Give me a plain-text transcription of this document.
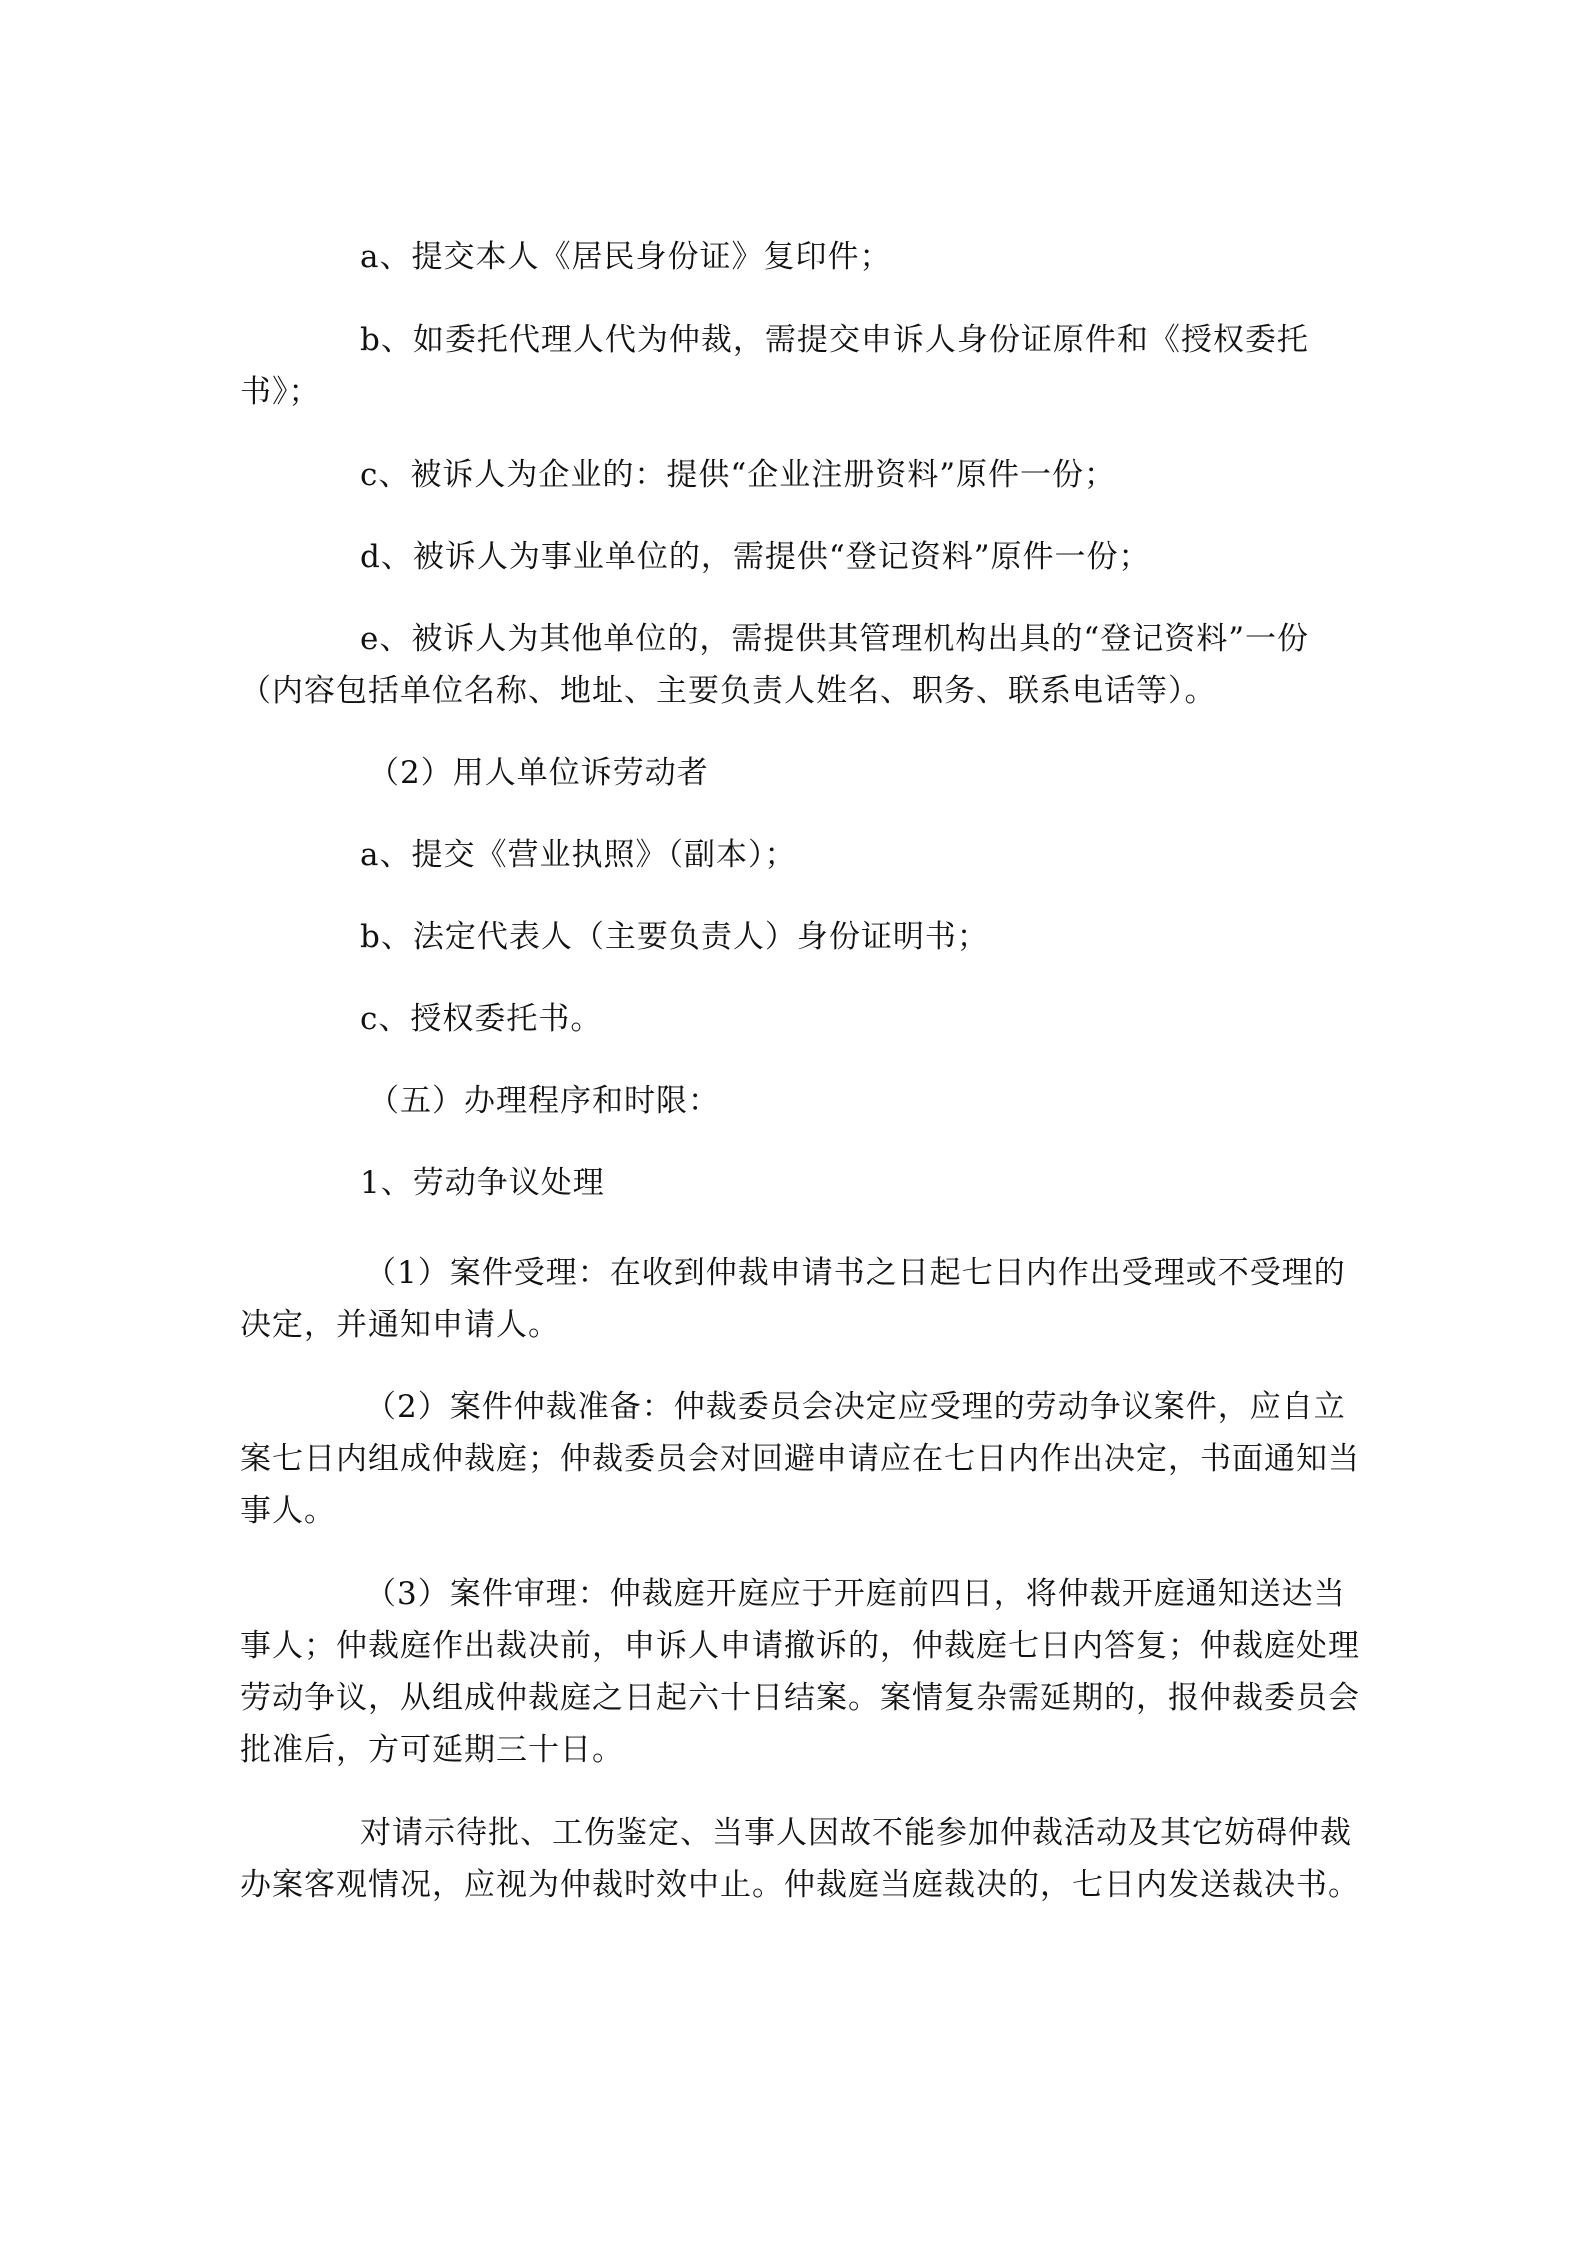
a、提交本人《居民身份证》复印件；

b、如委托代理人代为仲裁，需提交申诉人身份证原件和《授权委托书》；

c、被诉人为企业的：提供“企业注册资料”原件一份；

d、被诉人为事业单位的，需提供“登记资料”原件一份；

e、被诉人为其他单位的，需提供其管理机构出具的“登记资料”一份（内容包括单位名称、地址、主要负责人姓名、职务、联系电话等）。

（2）用人单位诉劳动者

a、提交《营业执照》（副本）；

b、法定代表人（主要负责人）身份证明书；

c、授权委托书。

（五）办理程序和时限：

1、劳动争议处理

（1）案件受理：在收到仲裁申请书之日起七日内作出受理或不受理的决定，并通知申请人。

（2）案件仲裁准备：仲裁委员会决定应受理的劳动争议案件，应自立案七日内组成仲裁庭；仲裁委员会对回避申请应在七日内作出决定，书面通知当事人。

（3）案件审理：仲裁庭开庭应于开庭前四日，将仲裁开庭通知送达当事人；仲裁庭作出裁决前，申诉人申请撤诉的，仲裁庭七日内答复；仲裁庭处理劳动争议，从组成仲裁庭之日起六十日结案。案情复杂需延期的，报仲裁委员会批准后，方可延期三十日。

对请示待批、工伤鉴定、当事人因故不能参加仲裁活动及其它妨碍仲裁办案客观情况，应视为仲裁时效中止。仲裁庭当庭裁决的，七日内发送裁决书。
